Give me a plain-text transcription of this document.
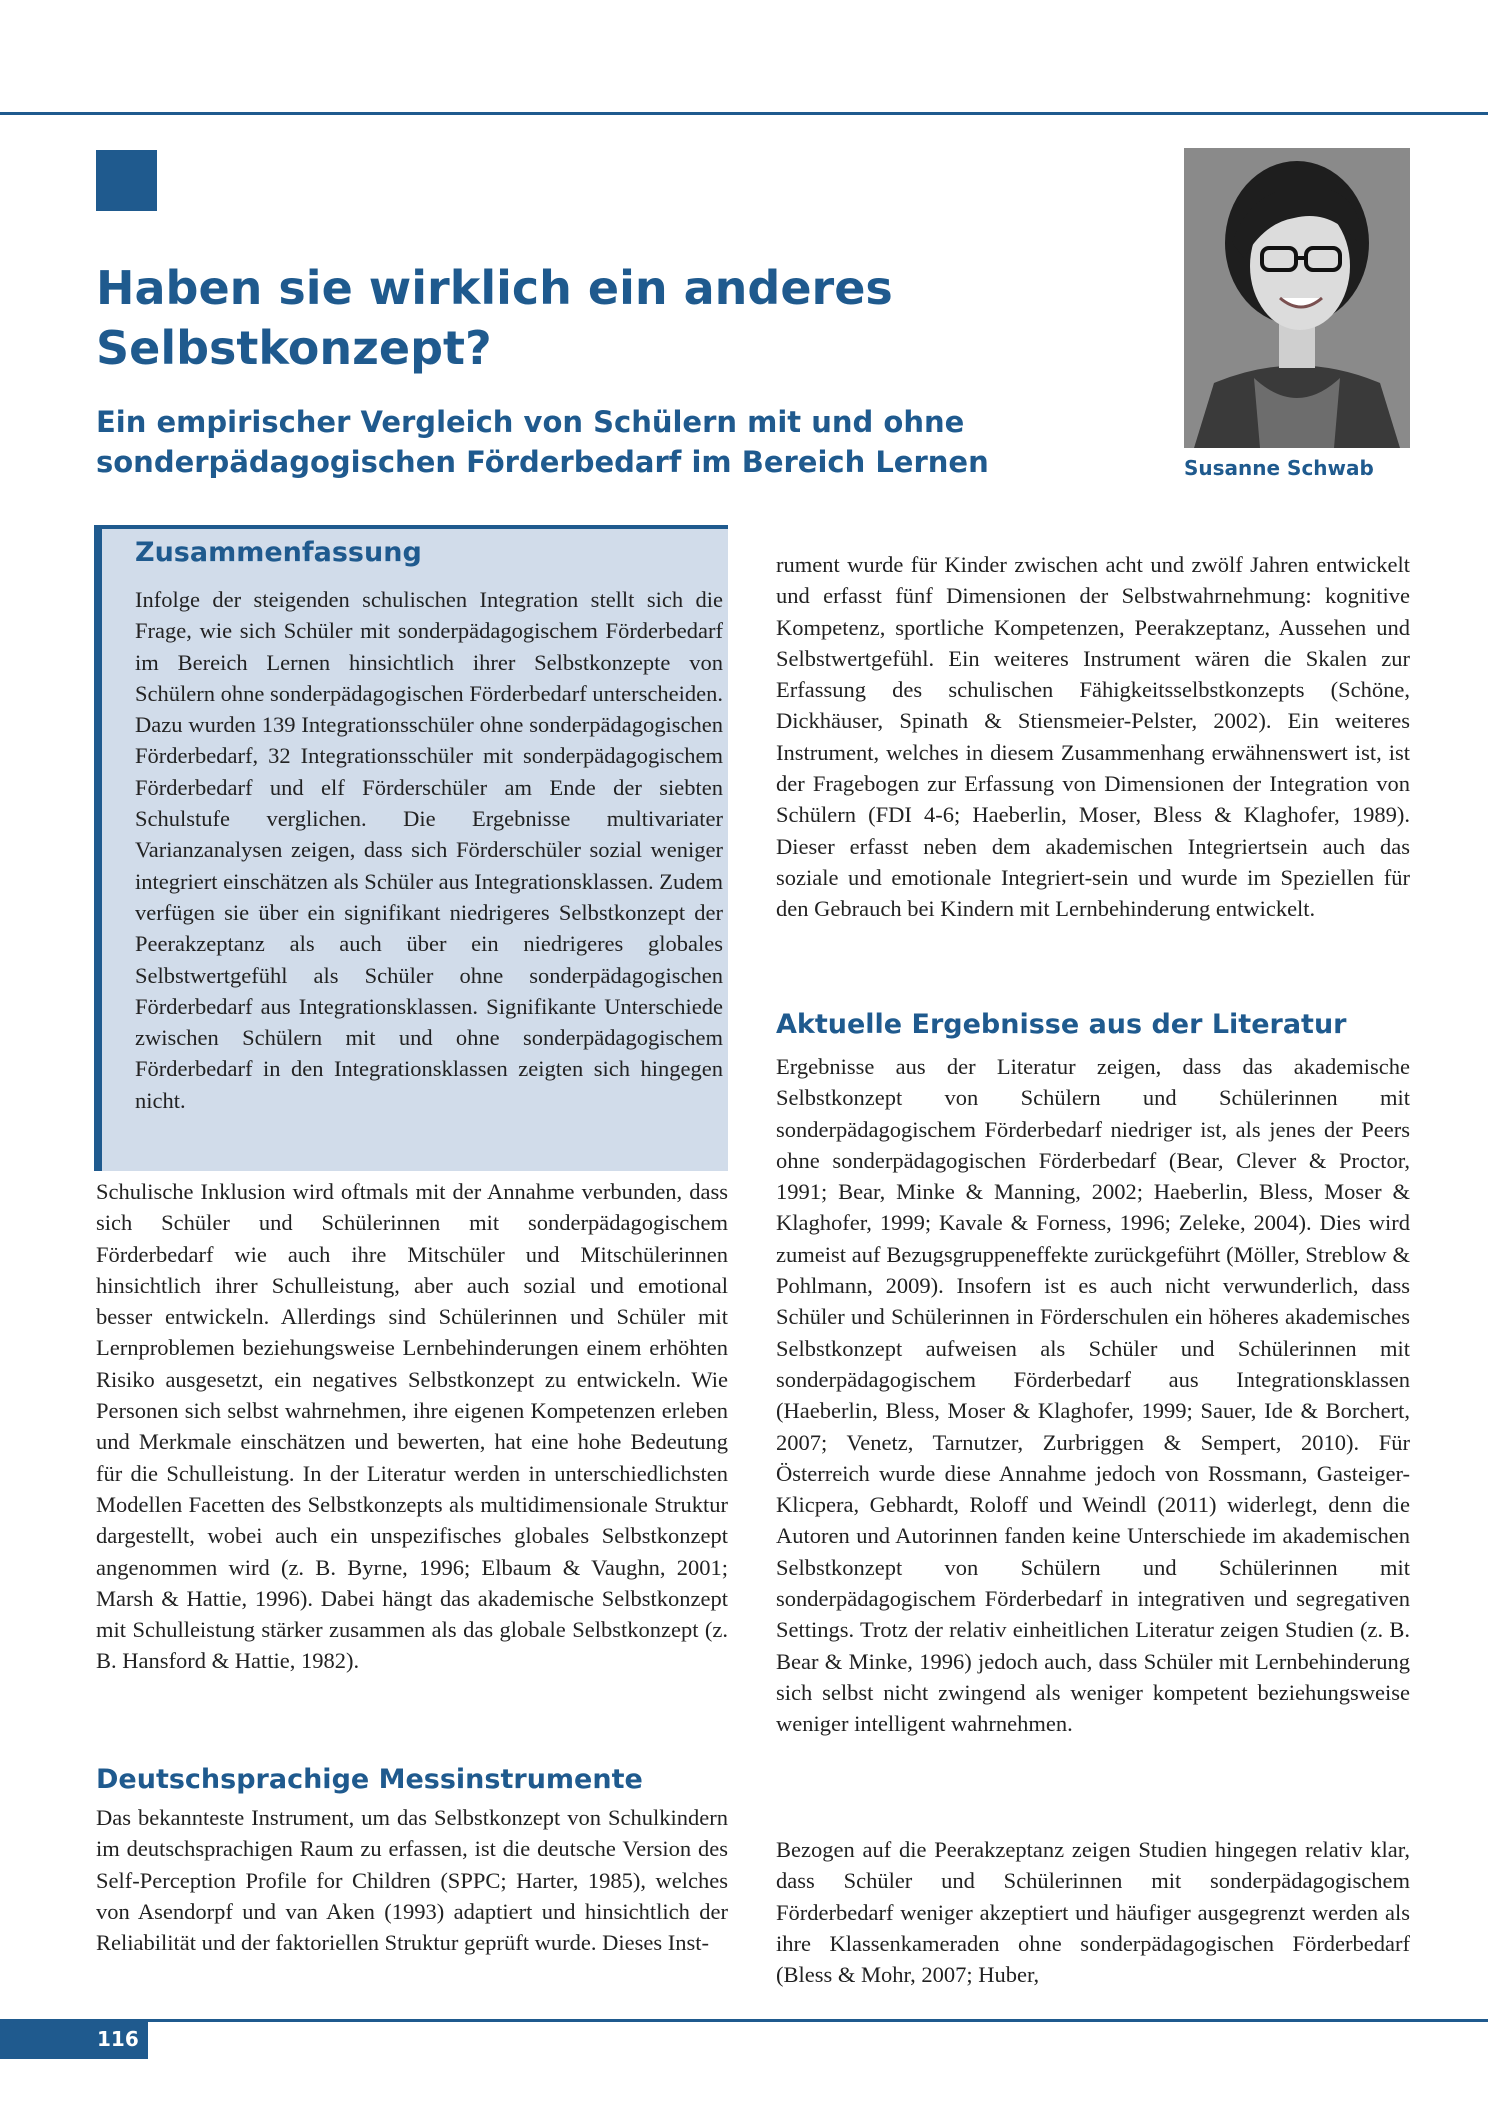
Haben sie wirklich ein anderes Selbstkonzept?
Ein empirischer Vergleich von Schülern mit und ohne sonderpädagogischen Förderbedarf im Bereich Lernen	Susanne Schwab

Zusammenfassung

Infolge der steigenden schulischen Integration stellt sich die Frage, wie sich Schüler mit sonderpädagogischem Förderbedarf im Bereich Lernen hinsichtlich ihrer Selbstkonzepte von Schülern ohne sonderpädagogischen Förderbedarf unterscheiden. Dazu wurden 139 Integrationsschüler ohne sonderpädagogischen Förderbedarf, 32 Integrationsschüler mit sonderpädagogischem Förderbedarf und elf Förderschüler am Ende der siebten Schulstufe verglichen. Die Ergebnisse multivariater Varianzanalysen zeigen, dass sich Förderschüler sozial weniger integriert einschätzen als Schüler aus Integrationsklassen. Zudem verfügen sie über ein signifikant niedrigeres Selbstkonzept der Peerakzeptanz als auch über ein niedrigeres globales Selbstwertgefühl als Schüler ohne sonderpädagogischen Förderbedarf aus Integrationsklassen. Signifikante Unterschiede zwischen Schülern mit und ohne sonderpädagogischem Förderbedarf in den Integrationsklassen zeigten sich hingegen nicht.

Schulische Inklusion wird oftmals mit der Annahme verbunden, dass sich Schüler und Schülerinnen mit sonderpädagogischem Förderbedarf wie auch ihre Mitschüler und Mitschülerinnen hinsichtlich ihrer Schulleistung, aber auch sozial und emotional besser entwickeln. Allerdings sind Schülerinnen und Schüler mit Lernproblemen beziehungsweise Lernbehinderungen einem erhöhten Risiko ausgesetzt, ein negatives Selbstkonzept zu entwickeln. Wie Personen sich selbst wahrnehmen, ihre eigenen Kompetenzen erleben und Merkmale einschätzen und bewerten, hat eine hohe Bedeutung für die Schulleistung. In der Literatur werden in unterschiedlichsten Modellen Facetten des Selbstkonzepts als multidimensionale Struktur dargestellt, wobei auch ein unspezifisches globales Selbstkonzept angenommen wird (z. B. Byrne, 1996; Elbaum & Vaughn, 2001; Marsh & Hattie, 1996). Dabei hängt das akademische Selbstkonzept mit Schulleistung stärker zusammen als das globale Selbstkonzept (z. B. Hansford & Hattie, 1982).

Deutschsprachige Messinstrumente

Das bekannteste Instrument, um das Selbstkonzept von Schulkindern im deutschsprachigen Raum zu erfassen, ist die deutsche Version des Self-Perception Profile for Children (SPPC; Harter, 1985), welches von Asendorpf und van Aken (1993) adaptiert und hinsichtlich der Reliabilität und der faktoriellen Struktur geprüft wurde. Dieses Inst-

rument wurde für Kinder zwischen acht und zwölf Jahren entwickelt und erfasst fünf Dimensionen der Selbstwahrnehmung: kognitive Kompetenz, sportliche Kompetenzen, Peerakzeptanz, Aussehen und Selbstwertgefühl. Ein weiteres Instrument wären die Skalen zur Erfassung des schulischen Fähigkeitsselbstkonzepts (Schöne, Dickhäuser, Spinath & Stiensmeier-Pelster, 2002). Ein weiteres Instrument, welches in diesem Zusammenhang erwähnenswert ist, ist der Fragebogen zur Erfassung von Dimensionen der Integration von Schülern (FDI 4-6; Haeberlin, Moser, Bless & Klaghofer, 1989). Dieser erfasst neben dem akademischen Integriertsein auch das soziale und emotionale Integriert-sein und wurde im Speziellen für den Gebrauch bei Kindern mit Lernbehinderung entwickelt.

Aktuelle Ergebnisse aus der Literatur

Ergebnisse aus der Literatur zeigen, dass das akademische Selbstkonzept von Schülern und Schülerinnen mit sonderpädagogischem Förderbedarf niedriger ist, als jenes der Peers ohne sonderpädagogischen Förderbedarf (Bear, Clever & Proctor, 1991; Bear, Minke & Manning, 2002; Haeberlin, Bless, Moser & Klaghofer, 1999; Kavale & Forness, 1996; Zeleke, 2004). Dies wird zumeist auf Bezugsgruppeneffekte zurückgeführt (Möller, Streblow & Pohlmann, 2009). Insofern ist es auch nicht verwunderlich, dass Schüler und Schülerinnen in Förderschulen ein höheres akademisches Selbstkonzept aufweisen als Schüler und Schülerinnen mit sonderpädagogischem Förderbedarf aus Integrationsklassen (Haeberlin, Bless, Moser & Klaghofer, 1999; Sauer, Ide & Borchert, 2007; Venetz, Tarnutzer, Zurbriggen & Sempert, 2010). Für Österreich wurde diese Annahme jedoch von Rossmann, Gasteiger-Klicpera, Gebhardt, Roloff und Weindl (2011) widerlegt, denn die Autoren und Autorinnen fanden keine Unterschiede im akademischen Selbstkonzept von Schülern und Schülerinnen mit sonderpädagogischem Förderbedarf in integrativen und segregativen Settings. Trotz der relativ einheitlichen Literatur zeigen Studien (z. B. Bear & Minke, 1996) jedoch auch, dass Schüler mit Lernbehinderung sich selbst nicht zwingend als weniger kompetent beziehungsweise weniger intelligent wahrnehmen.

Bezogen auf die Peerakzeptanz zeigen Studien hingegen relativ klar, dass Schüler und Schülerinnen mit sonderpädagogischem Förderbedarf weniger akzeptiert und häufiger ausgegrenzt werden als ihre Klassenkameraden ohne sonderpädagogischen Förderbedarf (Bless & Mohr, 2007; Huber,

116
